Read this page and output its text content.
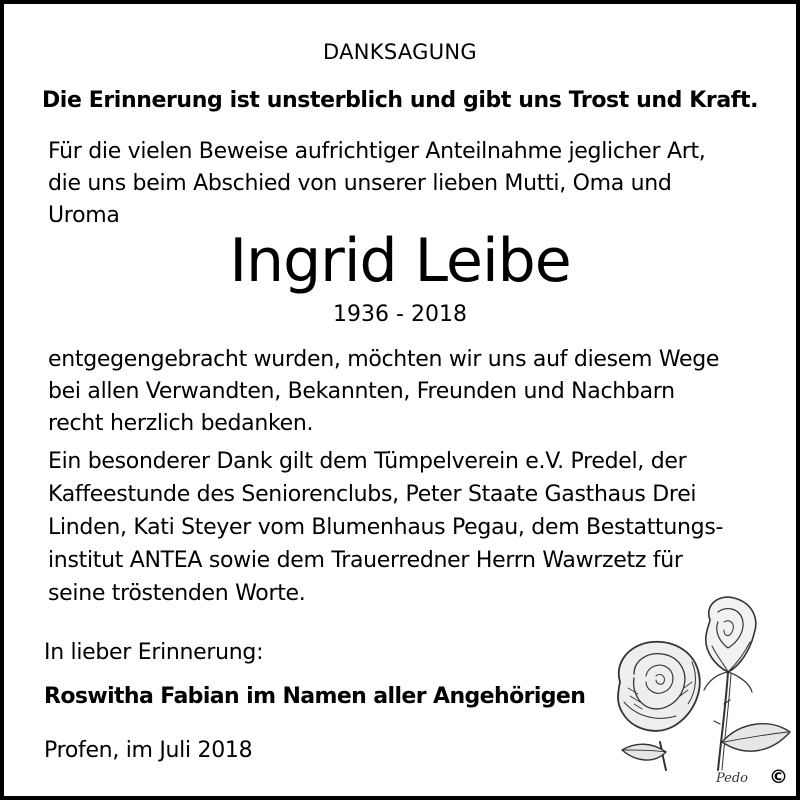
DANKSAGUNG
Die Erinnerung ist unsterblich und gibt uns Trost und Kraft.
Für die vielen Beweise aufrichtiger Anteilnahme jeglicher Art,
die uns beim Abschied von unserer lieben Mutti, Oma und
Uroma
Ingrid Leibe
1936 - 2018
entgegengebracht wurden, möchten wir uns auf diesem Wege
bei allen Verwandten, Bekannten, Freunden und Nachbarn
recht herzlich bedanken.
Ein besonderer Dank gilt dem Tümpelverein e.V. Predel, der
Kaffeestunde des Seniorenclubs, Peter Staate Gasthaus Drei
Linden, Kati Steyer vom Blumenhaus Pegau, dem Bestattungs-
institut ANTEA sowie dem Trauerredner Herrn Wawrzetz für
seine tröstenden Worte.
In lieber Erinnerung:
Roswitha Fabian im Namen aller Angehörigen
Profen, im Juli 2018
Pedo ©
